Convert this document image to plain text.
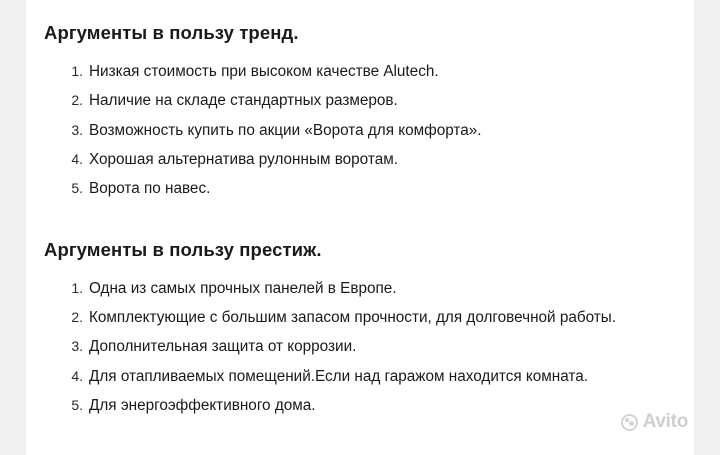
Аргументы в пользу тренд.
Низкая стоимость при высоком качестве Alutech.
Наличие на складе стандартных размеров.
Возможность купить по акции «Ворота для комфорта».
Хорошая альтернатива рулонным воротам.
Ворота по навес.
Аргументы в пользу престиж.
Одна из самых прочных панелей в Европе.
Комплектующие с большим запасом прочности, для долговечной работы.
Дополнительная защита от коррозии.
Для отапливаемых помещений.Если над гаражом находится комната.
Для энергоэффективного дома.
Avito
